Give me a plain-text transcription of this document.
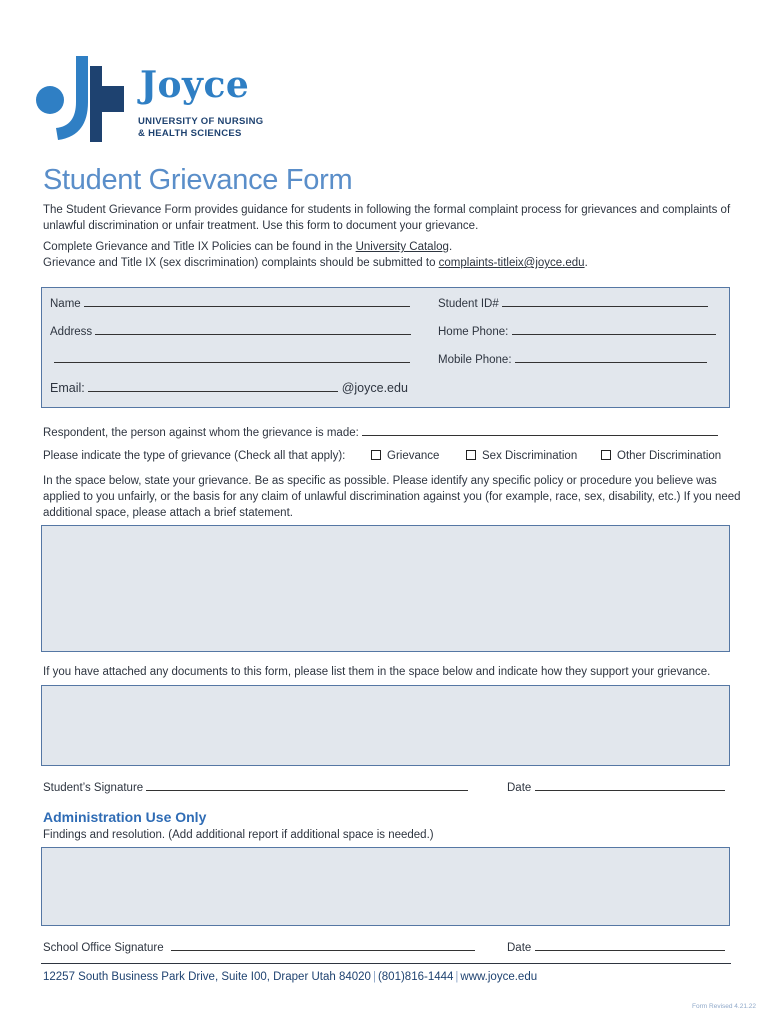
Joyce
UNIVERSITY OF NURSING
& HEALTH SCIENCES
Student Grievance Form

The Student Grievance Form provides guidance for students in following the formal complaint process for grievances and complaints of unlawful discrimination or unfair treatment. Use this form to document your grievance.

Complete Grievance and Title IX Policies can be found in the University Catalog.
Grievance and Title IX (sex discrimination) complaints should be submitted to complaints-titleix@joyce.edu.
Name	Student ID#
Address	Home Phone:
Mobile Phone:
Email:	@joyce.edu
Respondent, the person against whom the grievance is made:
Please indicate the type of grievance (Check all that apply):	Grievance	Sex Discrimination	Other Discrimination
In the space below, state your grievance. Be as specific as possible. Please identify any specific policy or procedure you believe was applied to you unfairly, or the basis for any claim of unlawful discrimination against you (for example, race, sex, disability, etc.) If you need additional space, please attach a brief statement.
If you have attached any documents to this form, please list them in the space below and indicate how they support your grievance.
Student’s Signature	Date
Administration Use Only
Findings and resolution. (Add additional report if additional space is needed.)
School Office Signature	Date
12257 South Business Park Drive, Suite I00, Draper Utah 84020 | (801)816-1444 | www.joyce.edu
Form Revised 4.21.22
